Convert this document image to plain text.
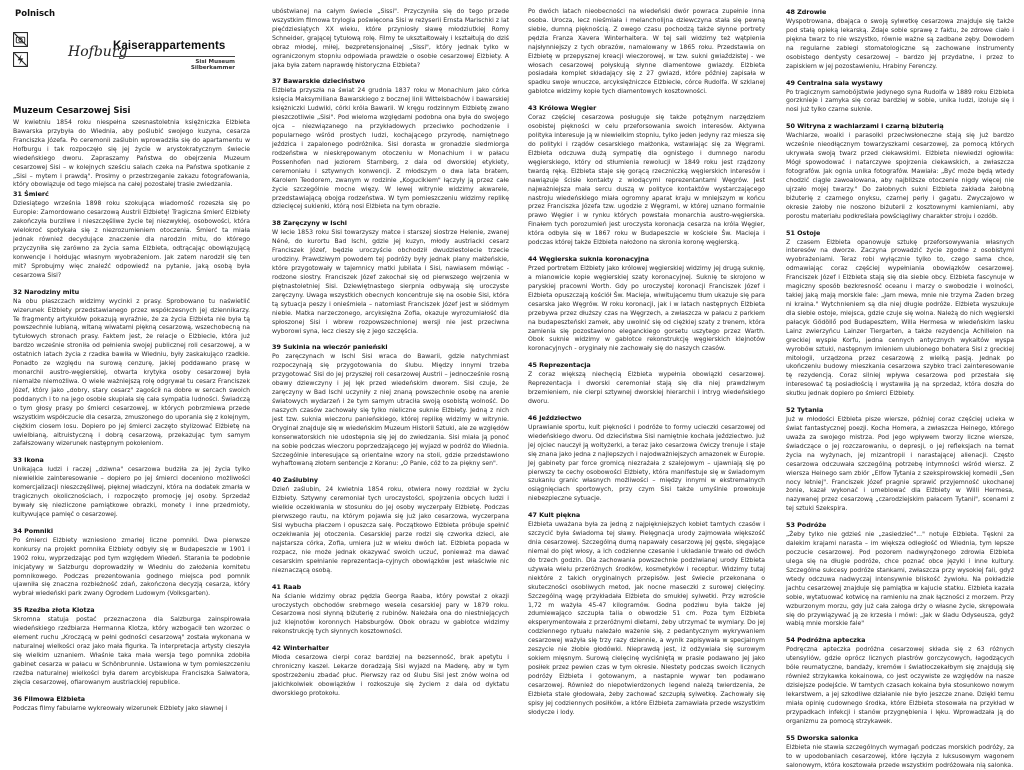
Polnisch
Hofburg
Kaiserappartements
Sisi Museum
Silberkammer
Muzeum Cesarzowej Sisi

W kwietniu 1854 roku niespełna szesnastoletnia księżniczka Elżbieta Bawarska przybyła do Wiednia, aby poślubić swojego kuzyna, cesarza Franciszka Józefa. Po ceremonii zaślubin wprowadziła się do apartamentu w Hofburgu i tak rozpoczęło się jej życie w arystokratycznym świecie wiedeńskiego dworu. Zapraszamy Państwa do obejrzenia Muzeum cesarzowej Sisi – w kolejnych sześciu salach czeka na Państwa spotkanie z „Sisi – mytem i prawdą". Prosimy o przestrzeganie zakazu fotografowania, który obowiązuje od tego miejsca na całej pozostałej trasie zwiedzania.

31 Śmierć

Dziesiątego września 1898 roku szokująca wiadomość rozeszła się po Europie: Zamordowano cesarzową Austrii Elżbietę! Tragiczna śmierć Elżbiety zakończyła burzliwe i nieszczęśliwe życie tej niezwykłej, osobowości, która wielokroć spotykała się z niezrozumieniem otoczenia. Śmierć ta miała jednak również decydujące znaczenie dla narodzin mitu, do którego przyczyniła się zarówno za życia sama Elżbieta, odtrącając obowiązującą konwencje i hołdując własnym wyobrażeniom. Jak zatem narodził się ten mit? Sprobujmy więc znaleźć odpowiedź na pytanie, jaką osobą była cesarzowa Sisi?

32 Narodziny mitu

Na obu płaszczach widzimy wycinki z prasy. Sprobowano tu naświetlić wizerunek Elżbiety przedstawianego przez współczesnych jej dziennikarzy. Te fragmenty artykułów pokazują wyraźnie, że za życia Elżbieta nie była tą powszechnie lubianą, witaną wiwatami piękną cesarzową, wszechobecną na tytułowych stronach prasy. Faktem jest, że relacje o Elżbiecie, która już bardzo wcześnie stroniła od pełnienia swojej publicznej roli cesarzowej, a w ostatnich latach życia z rzadka bawiła w Wiedniu, były zaskakująco rzadkie. Ponadto ze względu na surową cenzurę, jakiej poddawano prasę w monarchii austro-węgierskiej, otwarta krytyka osoby cesarzowej była niemalże niemożliwa. O wiele ważniejszą rolę odgrywał tu cesarz Franciszek Józef, który jako „dobry, stary cesarz" zagościł na dobre w sercach swoich poddanych i to na jego osobie skupiała się cała sympatia ludności. Świadczą o tym głosy prasy po śmierci cesarzowej, w których pobrzmiewa przede wszystkim współczucie dla cesarza, zmuszonego do uporania się z kolejnym, ciężkim ciosem losu. Dopiero po jej śmierci zaczęto stylizować Elżbietę na uwielbianą, altruistyczną i dobrą cesarzową, przekazując tym samym zafałszowany wizerunek następnym pokoleniom.

33 Ikona

Unikająca ludzi i raczej „dziwna" cesarzowa budziła za jej życia tylko niewielkie zainteresowanie – dopiero po jej śmierci doceniono możliwości komercjalizacji nieszczęśliwej, pięknej władczyni, która na dodatek zmarła w tragicznych okolicznościach, i rozpoczęto promocję jej osoby. Sprzedaż bywały się niezliczone pamiątkowe obrazki, monety i inne przedmioty, kultywujące pamięć o cesarzowej.

34 Pomniki

Po śmierci Elżbiety wzniesiono zmarłej liczne pomniki. Dwa pierwsze konkursy na projekt pomnika Elżbiety odbyły się w Budapeszcie w 1901 i 1902 roku, wyprzedzając pod tym względem Wiedeń. Starania te podobnie inicjatywy w Salzburgu doprowadziły w Wiedniu do założenia komitetu pomnikowego. Podczas prezentowania godnego miejsca pod pomnik ujawniła się znaczna rozbieżność zdań, zakończona decyzją cesarza, który wybrał wiedeński park zwany Ogrodem Ludowym (Volksgarten).

35 Rzeźba złota Klotza

Skromna statuja postać przeznaczona dla Salzburga zainspirowała wiedeńskiego rzeźbiarza Hermanna Klotza, który wzbogacił ten wzorzec o element ruchu „Kroczącą w pełni godności cesarzową" została wykonana w naturalnej wielkości oraz jako mała figurka. Ta interpretacja artysty cieszyła się wielkim uznaniem. Właśnie taka mała wersja tego pomnika zdobiła gabinet cesarza w pałacu w Schönbrunnie. Ustawiona w tym pomieszczeniu rzeźba naturalnej wielkości była darem arcybiskupa Franciszka Salwatora, zięcia cesarzowej, ofiarowanym austriackiej republice.

36 Filmowa Elżbieta

Podczas filmy fabularne wykreowały wizerunek Elżbiety jako sławnej i

ubóstwianej na całym świecie „Sissi". Przyczyniła się do tego przede wszystkim filmowa trylogia poświęcona Sisi w reżyserii Ernsta Marischki z lat pięćdziesiątych XX wieku, które przyniosły sławę młodziutkiej Romy Schneider, grającej tytułową rolę. Filmy te ukształtowały i kształtują do dziś obraz młodej, miłej, bezpretensjonalnej „Sissi", który jednak tylko w ograniczonym stopniu odpowiada prawdzie o osobie cesarzowej Elżbiety. A jaka była zatem naprawdę historyczna Elżbieta?

37 Bawarskie dzieciństwo

Elżbieta przyszła na świat 24 grudnia 1837 roku w Monachium jako córka księcia Maksymiliana Bawarskiego z bocznej linii Wittelsbachów i bawarskiej księżniczki Ludwiki, córki króla Bawarii. W kręgu rodzinnym Elżbietę zwano pieszczotliwie „Sisi". Pod wieloma względami podobna ona była do swojego ojca – niezwiązanego na przykładowych przeciwko pochodzenie i popularnego wśród prostych ludzi, kochającego przyrodę, namiętnego jeździca i zapalonego podróżnika. Sisi dorasta w gronadzie siedmiorga rodzeństwa w nieskrępowanym otoczeniu w Monachium i w pałacu Possenhofen nad jeziorem Starnberg, z dala od dworskiej etykiety, ceremoniału i sztywnych konwencji. Z młodszym o dwa lata bratem, Karolem Teodorem, zwanym w rodzinie „Kogucikiem" łączyły ją przez całe życie szczególnie mocne więzy. W lewej witrynie widzimy akwarele, przedstawiającą obojga rodzeństwa. W tym pomieszczeniu widzimy replikę dziecięcej sukienki, którą nosi Elżbieta na tym obrazie.

38 Zaręczyny w Ischl

W lecie 1853 roku Sisi towarzyszy matce i starszej siostrze Helenie, zwanej Néné, do kurortu Bad Ischl, gdzie jej kuzyn, młody austriacki cesarz Franciszek Józef, będzie uroczyście obchodził dwudziestolecie trzecie urodziny. Prawdziwym powodem tej podróży były jednak plany małżeńskie, które przygotowały w tajemnicy matki jubilata i Sisi, nawiasem mówiąc - rodzone siostry. Franciszek Józef zakochał się od pierwszego wejrzenia w piętnastoletniej Sisi. Dziewiętnastego sierpnia odbywają się uroczyste zaręczyny. Uwaga wszystkich obecnych koncentruje się na osobie Sisi, która tą sytuacja peszy i onieśmiela – natomiast Franciszek Józef jest w siódmym niebie. Matka narzeczonego, arcyksiężna Zofia, okazuje wyrozumiałość dla spłoszonej Sisi i wbrew rozpowszechnionej wersji nie jest przeciwna wyborowi syna, lecz cieszy się z jego szczęścia.

39 Sukinia na wieczór panieński

Po zaręczynach w Ischl Sisi wraca do Bawarii, gdzie natychmiast rozpoczynają się przygotowania do ślubu. Między innymi trzeba przygotować Sisi do jej przyszłej roli cesarzowej Austrii – jednocześnie rosną obawy dziewczyny i jej lęk przed wiedeńskim dworem. Sisi czuje, że zaręczyny w Bad Ischl uczyniły z niej znaną powszechnie osobę na arenie światowych wydarzeń i że tym samym utraciła swoją osobistą wolność. Do naszych czasów zachowały się tylko nieliczne suknie Elżbiety. Jedną z nich jest tzw. suknia wieczoru panieńskiego, której replikę widzimy w witrynie. Oryginał znajduje się w wiedeńskim Muzeum Historii Sztuki, ale ze względów konserwatorskich nie udostępnia się jej do zwiedzania. Sisi miała ją ponoć na sobie podczas wieczoru poprzedzającego jej wyjazd w podróż do Wiednia. Szczególnie interesujące są orientalne wzory na stoli, gdzie przedstawiono wyhaftowaną złotem sentencje z Koranu: „O Panie, cóż to za piękny sen".

40 Zaślubiny

Dzień zaślubin, 24 kwietnia 1854 roku, otwiera nowy rozdział w życiu Elżbiety. Sztywny ceremoniał tych uroczystości, spojrzenia obcych ludzi i wielkie oczekiwania w stosunku do jej osoby wyczerpały Elżbietę. Podczas pierwszego rautu, na którym pojawia się już jako cesarzowa, wyczerpana Sisi wybucha płaczem i opuszcza salę. Początkowo Elżbieta próbuje spełnić oczekiwania jej otoczenia. Cesarskiej parze rodzi się czworka dzieci, ale najstarsza córka, Zofia, umiera już w wieku dwóch lat. Elżbieta popada w rozpacz, nie może jednak okazywać swoich uczuć, ponieważ ma dawać cesarskim spełnianie reprezentacja-cyjnych obowiązków jest właściwie nic nieznaczącą osobą.

41 Raab

Na ścianie widzimy obraz pędzla Georga Raaba, który powstał z okazji uroczystych obchodów srebrnego wesela cesarskiej pary w 1879 roku. Cesarzowa nosi słynną biżuterię z rubinów. Należała ona do niestniejących już klejnotów koronnych Habsburgów. Obok obrazu w gablotce widzimy rekonstrukcję tych słynnych kosztowności.

42 Winterhalter

Młoda cesarzowa cierpi coraz bardziej na bezsenność, brak apetytu i chroniczny kaszel. Lekarze doradzają Sisi wyjazd na Maderę, aby w tym spostrzeżeniu zbadać płuc. Pierwszy raz od ślubu Sisi jest znów wolna od jakichkolwiek obowiązków i rozkoszuje się życiem z dala od dyktatu dworskiego protokołu.

Po dwóch latach nieobecności na wiedeński dwór powraca zupełnie inna osoba. Urocza, lecz nieśmiała i melancholijna dziewczyna stała się pewną siebie, dumną pięknością. Z owego czasu pochodzą także słynne portrety pędzla Franza Xavera Winterhaltera. W tej sali widzimy też wątpienia najsłynniejszy z tych obrazów, namalowany w 1865 roku. Przedstawia on Elżbietę w przepysznej kreacji wieczorowej, w tzw. sukni gwiaździstej - we włosach cesarzowej połyskują słynne diamentowe gwiazdy. Elżbieta posiadała komplet składający się z 27 gwiazd, które później zapisała w spadku swoje wnuczce, arcyksiężniczce Elżbiecie, córce Rudolfa. W szklanej gablotce widzimy kopie tych diamentowych kosztowności.

43 Królowa Węgier

Coraz częściej cesarzowa posługuje się także potężnym narzędziem osobistej piękności w celu przeforsowania swoich interesów. Aktywna polityka interesuje ją w niewielkim stopniu, tylko jeden jedyny raz miesza się do polityki i rządów cesarskiego małżonka, wstawiając się za Węgrami. Elżbieta odczuwa dużą sympatię dla ognistego i dumnego narodu węgierskiego, który od stłumienia rewolucji w 1849 roku jest rządzony twardą ręką. Elżbieta staje się gorącą rzeczniczką węgierskich interesów i nawiązuje ścisłe kontakty z wiodącymi reprezentantami Węgrów. Jest najważniejsza mała sercu duszą w polityce kontaktów wystarczającego nastroju wiedeńskiego miała ogromny aparat kraju w mniejszym w końcu przez Franciszka Józefa tzw. ugodzie z Węgrami, w której uznano formalnie prawo Węgier i w rynku których powstała monarchia austro-węgierska. Finałem tych porozumień jest uroczysta koronacja cesarza na króla Węgier, która odbyła się w 1867 roku w Budapeszcie w kościele Św. Macieja i podczas której także Elżbieta nałożono na skronia koronę węgierską.

44 Węgierska suknia koronacyjna

Przed portretem Elżbiety jako królowej węgierskiej widzimy jej drugą suknię, a mianowicie kopie węgierskiej szaty koronacyjnej. Suknię te skrojono w paryskiej pracowni Worth. Gdy po uroczystej koronacji Franciszek Józef i Elżbieta opuszczają kościół Św. Macieja, wiwitującemu tłum ukazuje się para cesarska jako Węgrów. W roku koronacji, jak i w latach następnych Elżbieta przebywa przez dłuższy czas na Węgrzech, a zwłaszcza w pałacu z parkiem na budapeszteński zamek, aby uwolnić się od ciężkiej szaty z trenem, która zamienia się pozostawiono eleganckiego gorsetu uszytego przez Warth. Obok suknie widzimy w gablotce rekonstrukcję węgierskich klejnotów koronacyjnych - oryginały nie zachowały się do naszych czasów.

45 Reprezentacja

Z coraz większą niechęcią Elżbieta wypełnia obowiązki cesarzowej. Reprezentacja i dworski ceremoniał stają się dla niej prawdziwym brzemieniem, nie cierpi sztywnej dworskiej hierarchii i intryg wiedeńskiego dworu.

46 Jeździectwo

Uprawianie sportu, kult piękności i podróże to formy ucieczki cesarzowej od wiedeńskiego dworu. Od dzieciństwa Sisi namiętnie kochała jeździectwo. Już jej ojciec nauczył ją woltyżerki, a teraz jako cesarzowa ćwiczy trenuje i staje się znana jako jedna z najlepszych i najodważniejszych amazonek w Europie. Jej gabinety par force gromicą niezrażała z szalejowym – ujawniają się po pierwszy te cechy osobowości Elżbiety, która manifestuje się w świadomym szukaniu granic własnych możliwości – między innymi w ekstremalnych osiągnięciach sportowych, przy czym Sisi także umyślnie prowokuje niebezpieczne sytuacje.

47 Kult piękna

Elżbieta uważana była za jedną z najpiękniejszych kobiet tamtych czasów i szczycić była świadoma tej sławy. Pielęgnacja urody zajmowała większość dnia cesarzowej. Szczególną dumą napawały cesarzową jej gęste, sięgające niemal do pięt włosy, a ich codzienne czesanie i układanie trwało od dwóch do trzech godzin. Dla zachowania powszechnie podziwianej urody Elżbieta używała wielu przeróżnych środków, kosmetyków i receptur. Widzimy tutaj niektóre z takich oryginalnych przepisów. Jest świecie przekonana o skuteczności osobliwych metod, jak nocne maseczki z surowej cielęciny. Szczególną wagę przykładała Elżbieta do smukłej sylwetki. Przy wzroście 1,72 m ważyła 45-47 kilogramów. Godna podziwu była także jej zdumiewająco szczupła talia o obwodzie 51 cm. Poza tym Elżbieta eksperymentowała z przeróżnymi dietami, żeby utrzymać te wymiary. Do jej codziennego rytuału należało ważenie się, z pedantycznym wykrywaniem cesarzowej ważyła się trzy razy dziennie, a wynik zapisywała w specjalnym zeszycie nie żłobie głodówki. Nieprawdą jest, iż odżywiała się surowym sokiem mięsnym. Surową cielęcinę wyciśniętą w prasie podawano jej jako posiłek przez pewien czas w tym okresie. Niestety podczas swoich licznych podróży Elżbieta i gotowanym, a nastapnie wywar ten podawano cesarzowej. Również do niepotwierdzonych legend należą twierdzenia, że Elżbieta stale głodowała, żeby zachować szczupłą sylwetkę. Zachowały się spisy jej codziennych posiłków, a które Elżbieta zamawiała przede wszystkim słodycze i lody.

48 Zdrowie

Wyspotrowana, dbająca o swoją sylwetkę cesarzowa znajduje się także pod stałą opieką lekarską. Zdaje sobie sprawę z faktu, że zdrowe ciało i piękna twarz to nie wszystko, równie ważne są zadbane zęby. Dowodem na regularne zabiegi stomatologiczne są zachowane instrumenty osobistego dentysty cesarzowej – bardzo jej przydatne, i przez to zapiskiem w jej pozostawieniu, Hrabiny Ferenczy.

49 Centralna sala wystawy

Po tragicznym samobójstwie jedynego syna Rudolfa w 1889 roku Elżbieta gorzknieje i zamyka się coraz bardziej w sobie, unika ludzi, izoluje się i nosi już tylko czarne suknie.

50 Witryna z wachlarzami i czarną biżuterią

Wachlarze, woalki i parasolki przeciwsłoneczne stają się już bardzo wcześnie nieodłącznym towarzyszkami cesarzowej, za pomocą których ukrywała swoją twarz przed ciekawskimi. Elżbieta niewiedzi ogłowiła: Mógł spowodować i natarczywe spojrzenia ciekawskich, a zwłaszcza fotografów. Jak ognia unika fotografów. Mawiała: „Być może będą wtedy chodzić ciągle zawoalowana, aby najbliższe otoczenie nigdy więcej nie ujrzało mojej twarzy." Do żałobnych sukni Elżbieta zakłada żałobną biżuterię z czarnego onyksu, czarnej perły i gagatu. Zwyczajowo w okresie żałoby nie noszono biżuterii z kosztownymi kamieniami, aby porostu materiału podkreślała powściągliwy charakter stroju i ozdób.

51 Ostoje

Z czasem Elżbieta opanowuje sztukę przeforsowywania własnych interesów na dworze. Zaczyna prowadzić życie zgodne z osobistymi wyobrażeniami. Teraz robi wyłącznie tylko to, czego sama chce, odmawiając coraz częściej wypełniania obowiązków cesarzowej. Franciszek Józef i Elżbieta stają się dla siebie obcy. Elżbieta fascynuje w magiczny sposób bezkresność oceanu i marzy o swobodzie i wolności, takiej jaką mają morskie fale: „Jam mewa, mnie nie trzyma Żaden brzeg ni kraina." Wytchnieniem są dla niej długie podróże. Elżbieta wyszukuje dla siebie ostoje, miejsca, gdzie czuje się wolna. Należą do nich węgierski pałacyk Gödöllő pod Budapesztem, Willa Hermesa w wiedeńskim lasku Lainz zwierzyńcu Lainzer Tiergarten, a także rezydencja Achilleion na greckiej wyspie Korfu, jedna cennych antycznych wykaltów wyspa wyrobów sztuki, następnym imieniem ulubionego bohatera Sisi z greckiej mitologii, urządzona przez cesarzową z wielką pasją. Jednak po ukończeniu budowy mieszkania cesarzowa szybko traci zainteresowanie tę rezydencją. Coraz silniej wpływa cesarzowa pod przestała się interesować tą posiadłością i wystawiła ją na sprzedaż, która doszła do skutku jednak dopiero po śmierci Elżbiety.

52 Tytania

Już w młodości Elżbieta pisze wiersze, później coraz częściej ucieka w świat fantastycznej poezji. Kocha Homera, a zwłaszcza Heinego, którego uważa za swojego mistrza. Pod jego wpływem tworzy liczne wiersze, świadczące o jej rozczarowaniu, o depresji, o jej refleksjach na temat życia na wyżynach, jej mizantropii i narastającej alienacji. Często cesarzowa odczuwała szczególną potrzebę intymności wśród wiersz. Z wiersza Heinego sam zbiór „Elfow Tytania z szekspirowskiej komedii „Sen nocy letniej". Franciszek Józef pragnie sprawić przyjemność ukochanej żonie, kazał wykonać i umeblować dla Elżbiety w Willi Hermesa, nazywanej przez cesarzową „czarodziejskim pałacem Tytanii", scenami z tej sztuki Szekspira.

53 Podróże

„Żeby tylko nie gdzieś nie „zasiedzieć"..." notuje Elżbieta. Tęskni za dalekim krajami narasta – im większa odległość od Wiednia, tym lepsze poczucie cesarzowej. Pod pozorem nadwyrężonego zdrowia Elżbieta ulega się na długie podróże, chce poznać obce języki i inne kultury. Szczególne sukcesy podróże stankami, zwłaszcza przy wysokiej fali, gdyż wtedy odczuwa nadwyczaj intensywnie bliskość żywiołu. Na pokładzie jachtu cesarzowej znajduje się pamiątka w kajucie statku. Elżbieta kazała sobie, wytatuować kotwicę na ramieniu na znak łączności z morzem. Przy wzburzonym morzu, gdy już cała załoga drży o własne życie, skrępowała się do przywiązywać ją ze krzesła i mówi: „Jak w śladu Odyseusza, gdyż wabią mnie morskie fale"

54 Podróżna apteczka

Podręczna apteczka podróżna cesarzowej składa się z 63 różnych utensyliów, gdzie oprócz licznych plastrów gorczycowych, łagodzących bóle reumatyczne, bandaży, kremów i światłoczekałbym się znajdują się również strzykawka kokainowa, co jest oczywiste ze względów na nasze dzisiejsze podejście. W tamtych czasach kokaina była stosunkowo nowym lekarstwem, a jej szkodliwe działanie nie było jeszcze znane. Dzięki temu miała opinię cudownego środka, które Elżbieta stosowała na przykład w przypadkach infekcji i stanów przygnębienia i lęku. Wprowadzała ją do organizmu za pomocą strzykawek.

55 Dworska salonka

Elżbieta nie stawia szczególnych wymagań podczas morskich podróży, za to w upodobaniach cesarzowej, które łączyła z luksusowym wagonem salonowym, która kosztowała przede wszystkim podróżowała nią salonka.
